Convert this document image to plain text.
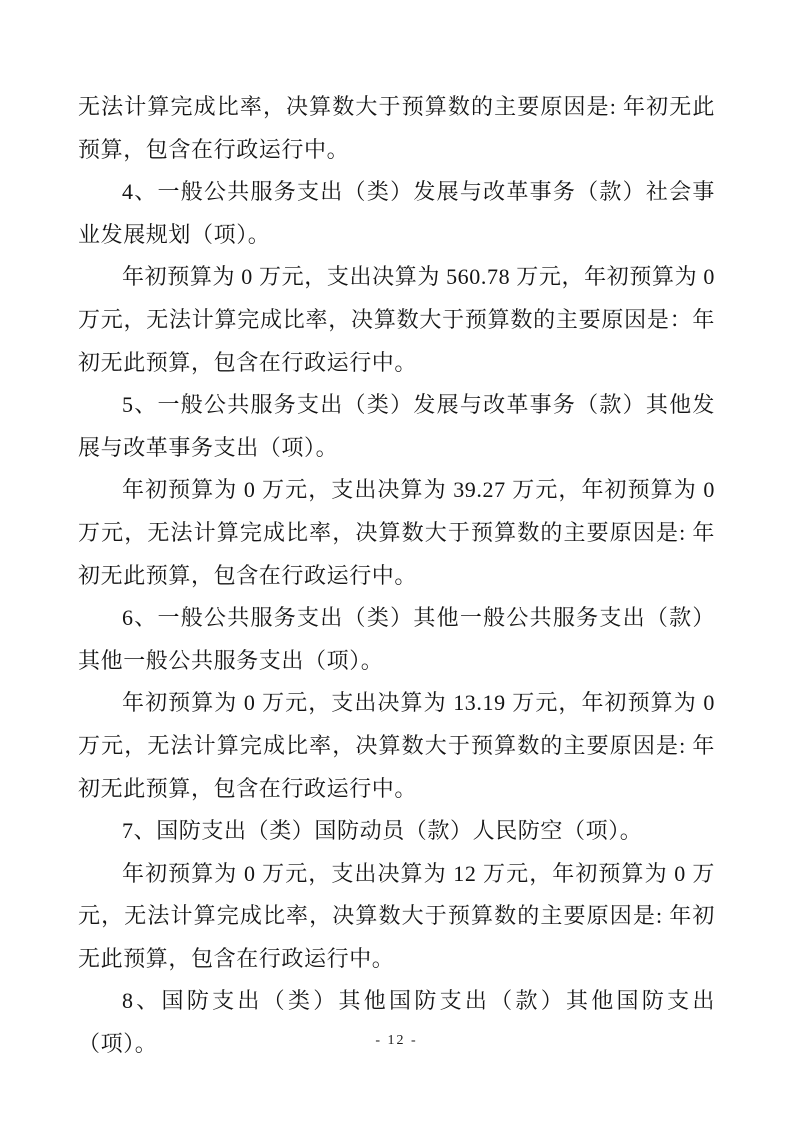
无法计算完成比率，决算数大于预算数的主要原因是: 年初无此预算，包含在行政运行中。

4、一般公共服务支出（类）发展与改革事务（款）社会事业发展规划（项）。

年初预算为 0 万元，支出决算为 560.78 万元，年初预算为 0 万元，无法计算完成比率，决算数大于预算数的主要原因是：年初无此预算，包含在行政运行中。

5、一般公共服务支出（类）发展与改革事务（款）其他发展与改革事务支出（项）。

年初预算为 0 万元，支出决算为 39.27 万元，年初预算为 0 万元，无法计算完成比率，决算数大于预算数的主要原因是: 年初无此预算，包含在行政运行中。

6、一般公共服务支出（类）其他一般公共服务支出（款）其他一般公共服务支出（项）。

年初预算为 0 万元，支出决算为 13.19 万元，年初预算为 0 万元，无法计算完成比率，决算数大于预算数的主要原因是: 年初无此预算，包含在行政运行中。

7、国防支出（类）国防动员（款）人民防空（项）。

年初预算为 0 万元，支出决算为 12 万元，年初预算为 0 万元，无法计算完成比率，决算数大于预算数的主要原因是: 年初无此预算，包含在行政运行中。

8、国防支出（类）其他国防支出（款）其他国防支出（项）。	- 12 -
